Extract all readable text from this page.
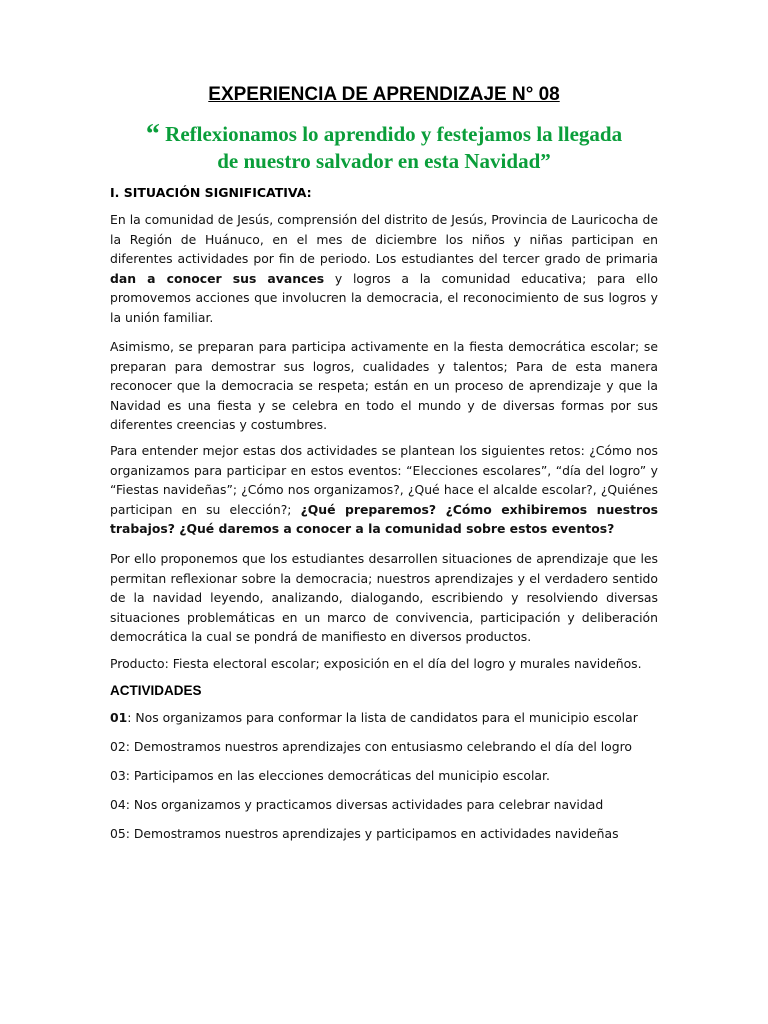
EXPERIENCIA DE APRENDIZAJE N° 08
“ Reflexionamos lo aprendido y festejamos la llegada
de nuestro salvador en esta Navidad”
I. SITUACIÓN SIGNIFICATIVA:

En la comunidad de Jesús, comprensión del distrito de Jesús, Provincia de Lauricocha de la Región de Huánuco, en el mes de diciembre los niños y niñas participan en diferentes actividades por fin de periodo. Los estudiantes del tercer grado de primaria dan a conocer sus avances y logros a la comunidad educativa; para ello promovemos acciones que involucren la democracia, el reconocimiento de sus logros y la unión familiar.

Asimismo, se preparan para participa activamente en la fiesta democrática escolar; se preparan para demostrar sus logros, cualidades y talentos; Para de esta manera reconocer que la democracia se respeta; están en un proceso de aprendizaje y que la Navidad es una fiesta y se celebra en todo el mundo y de diversas formas por sus diferentes creencias y costumbres.

Para entender mejor estas dos actividades se plantean los siguientes retos: ¿Cómo nos organizamos para participar en estos eventos: “Elecciones escolares”, “día del logro” y “Fiestas navideñas”; ¿Cómo nos organizamos?, ¿Qué hace el alcalde escolar?, ¿Quiénes participan en su elección?; ¿Qué preparemos? ¿Cómo exhibiremos nuestros trabajos? ¿Qué daremos a conocer a la comunidad sobre estos eventos?

Por ello proponemos que los estudiantes desarrollen situaciones de aprendizaje que les permitan reflexionar sobre la democracia; nuestros aprendizajes y el verdadero sentido de la navidad leyendo, analizando, dialogando, escribiendo y resolviendo diversas situaciones problemáticas en un marco de convivencia, participación y deliberación democrática la cual se pondrá de manifiesto en diversos productos.

Producto: Fiesta electoral escolar; exposición en el día del logro y murales navideños.

ACTIVIDADES
01: Nos organizamos para conformar la lista de candidatos para el municipio escolar
02: Demostramos nuestros aprendizajes con entusiasmo celebrando el día del logro
03: Participamos en las elecciones democráticas del municipio escolar.
04: Nos organizamos y practicamos diversas actividades para celebrar navidad
05: Demostramos nuestros aprendizajes y participamos en actividades navideñas
